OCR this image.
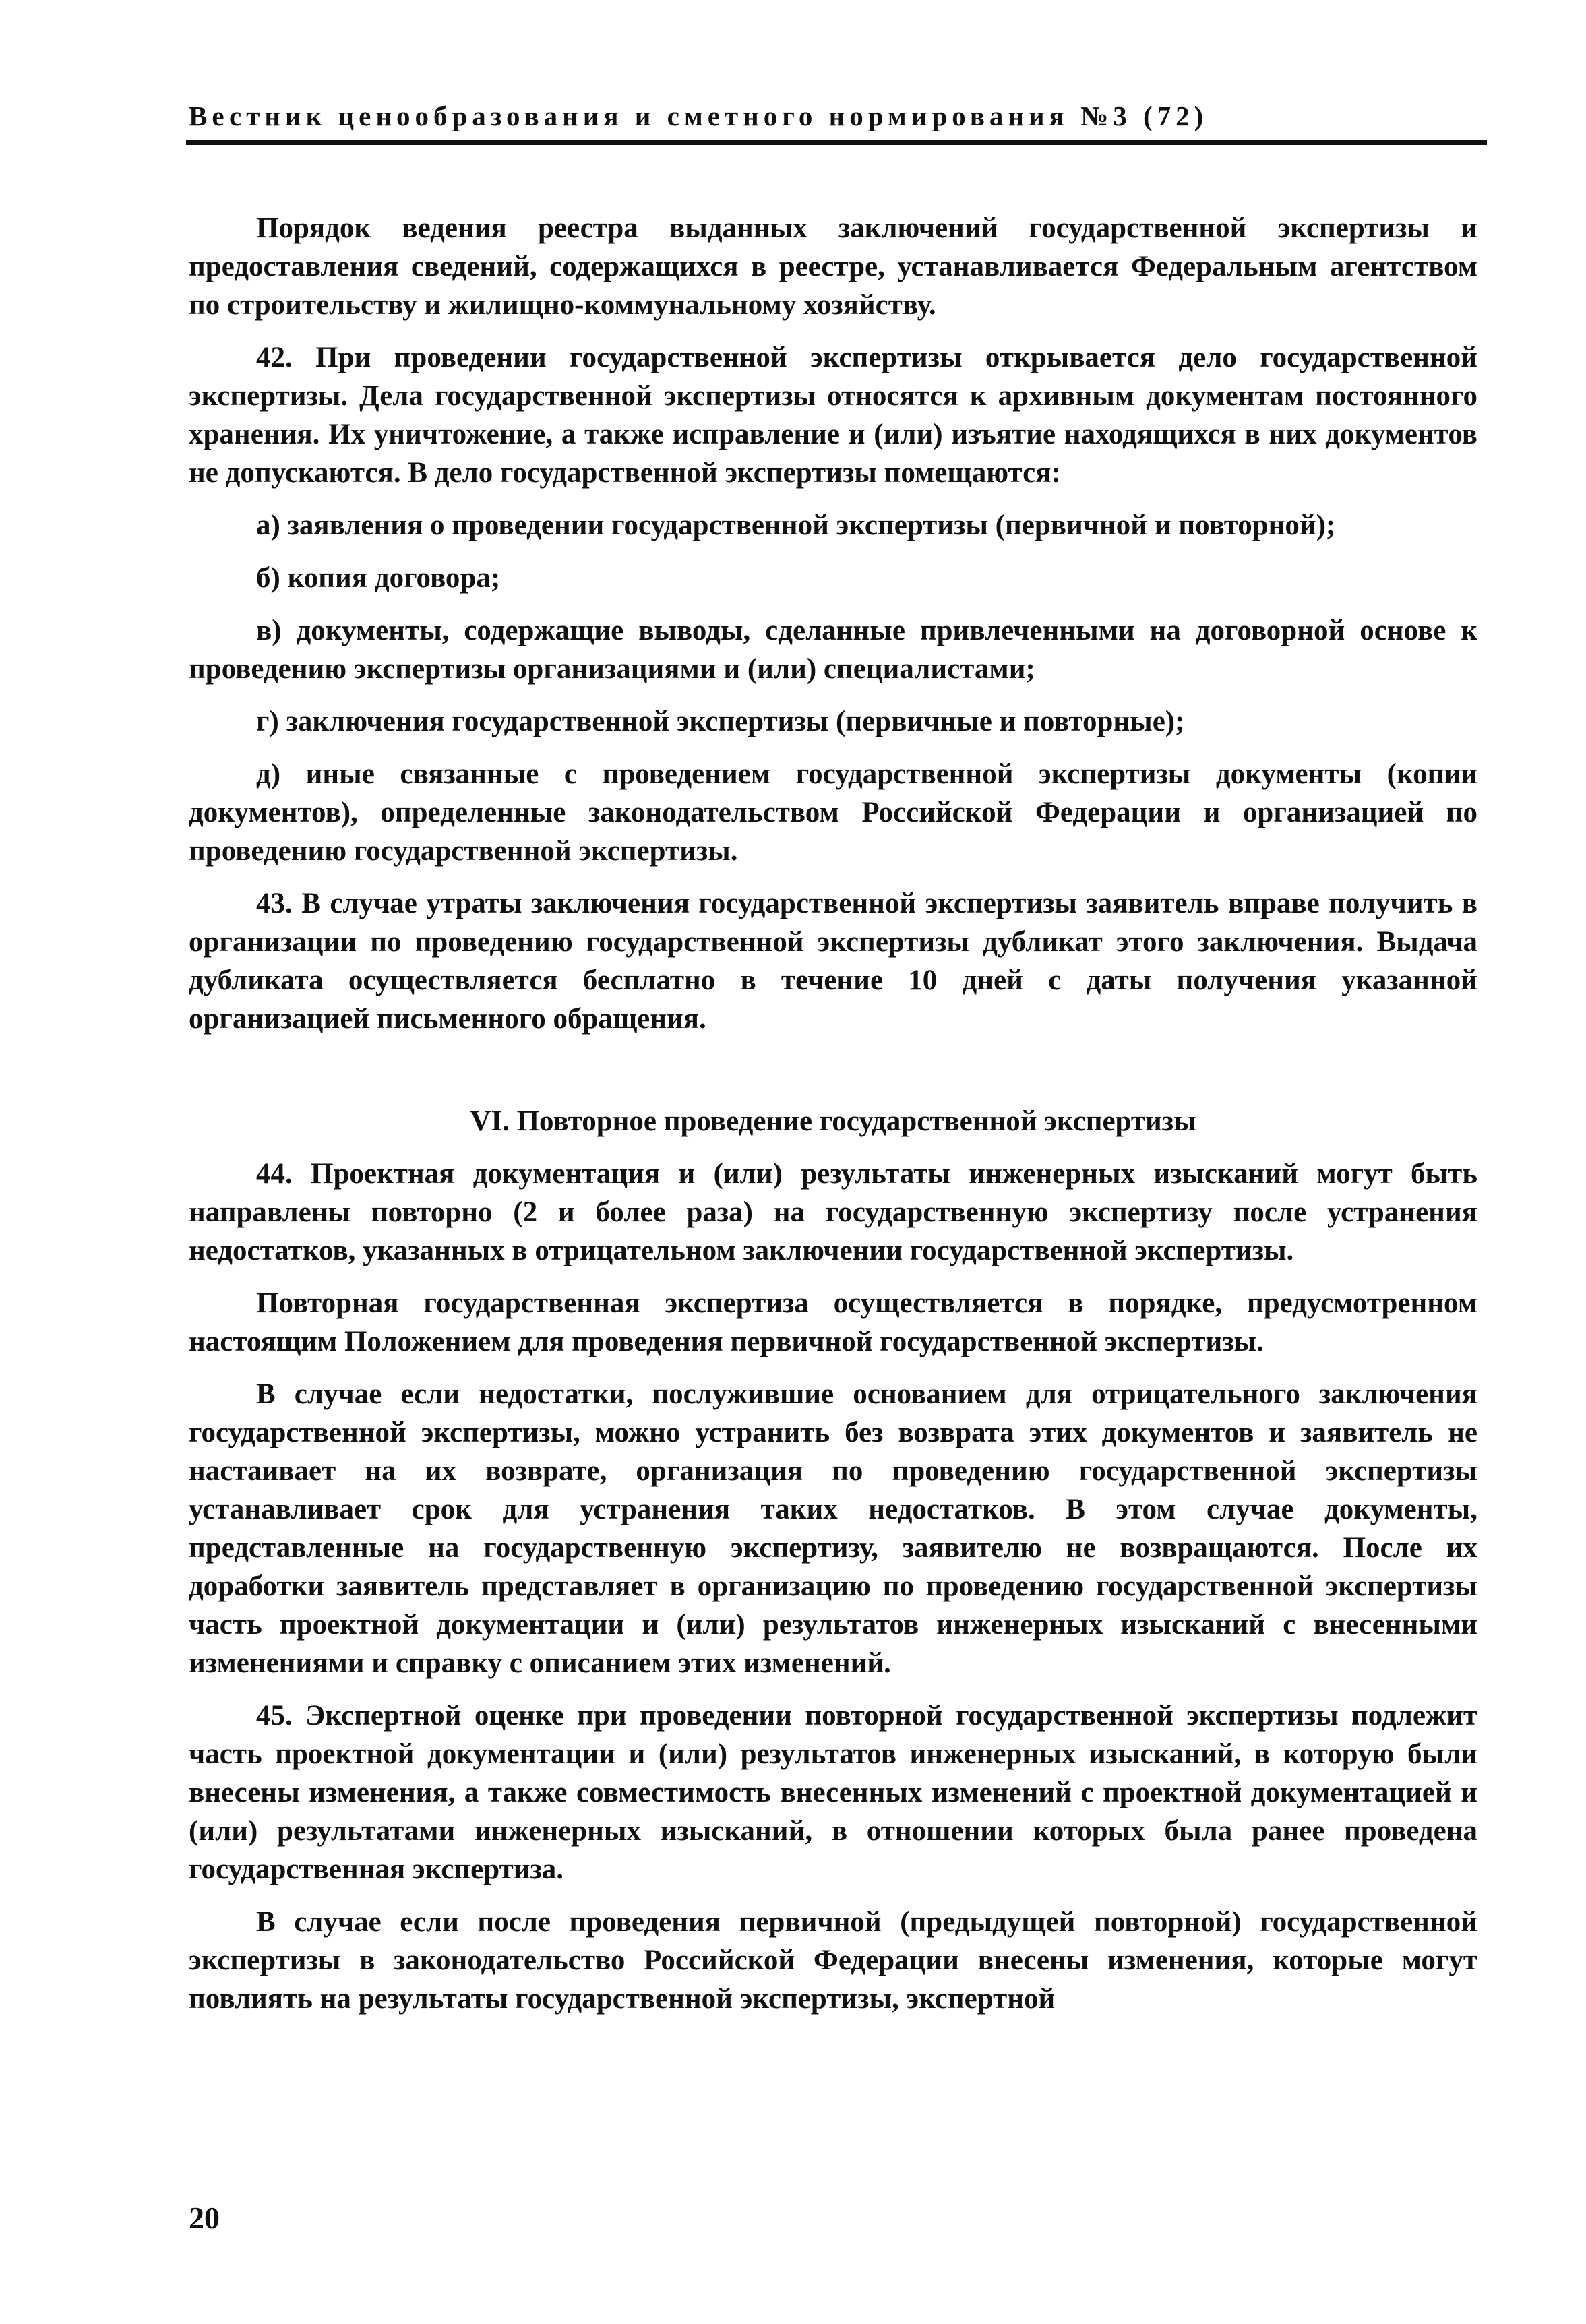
Вестник ценообразования и сметного нормирования №3 (72)

Порядок ведения реестра выданных заключений государственной экспертизы и предоставления сведений, содержащихся в реестре, устанавливается Федеральным агентством по строительству и жилищно-коммунальному хозяйству.

42. При проведении государственной экспертизы открывается дело государственной экспертизы. Дела государственной экспертизы относятся к архивным документам постоянного хранения. Их уничтожение, а также исправление и (или) изъятие находящихся в них документов не допускаются. В дело государственной экспертизы помещаются:

а) заявления о проведении государственной экспертизы (первичной и повторной);

б) копия договора;

в) документы, содержащие выводы, сделанные привлеченными на договорной основе к проведению экспертизы организациями и (или) специалистами;

г) заключения государственной экспертизы (первичные и повторные);

д) иные связанные с проведением государственной экспертизы документы (копии документов), определенные законодательством Российской Федерации и организацией по проведению государственной экспертизы.

43. В случае утраты заключения государственной экспертизы заявитель вправе получить в организации по проведению государственной экспертизы дубликат этого заключения. Выдача дубликата осуществляется бесплатно в течение 10 дней с даты получения указанной организацией письменного обращения.

VI. Повторное проведение государственной экспертизы

44. Проектная документация и (или) результаты инженерных изысканий могут быть направлены повторно (2 и более раза) на государственную экспертизу после устранения недостатков, указанных в отрицательном заключении государственной экспертизы.

Повторная государственная экспертиза осуществляется в порядке, предусмотренном настоящим Положением для проведения первичной государственной экспертизы.

В случае если недостатки, послужившие основанием для отрицательного заключения государственной экспертизы, можно устранить без возврата этих документов и заявитель не настаивает на их возврате, организация по проведению государственной экспертизы устанавливает срок для устранения таких недостатков. В этом случае документы, представленные на государственную экспертизу, заявителю не возвращаются. После их доработки заявитель представляет в организацию по проведению государственной экспертизы часть проектной документации и (или) результатов инженерных изысканий с внесенными изменениями и справку с описанием этих изменений.

45. Экспертной оценке при проведении повторной государственной экспертизы подлежит часть проектной документации и (или) результатов инженерных изысканий, в которую были внесены изменения, а также совместимость внесенных изменений с проектной документацией и (или) результатами инженерных изысканий, в отношении которых была ранее проведена государственная экспертиза.

В случае если после проведения первичной (предыдущей повторной) государственной экспертизы в законодательство Российской Федерации внесены изменения, которые могут повлиять на результаты государственной экспертизы, экспертной

20
